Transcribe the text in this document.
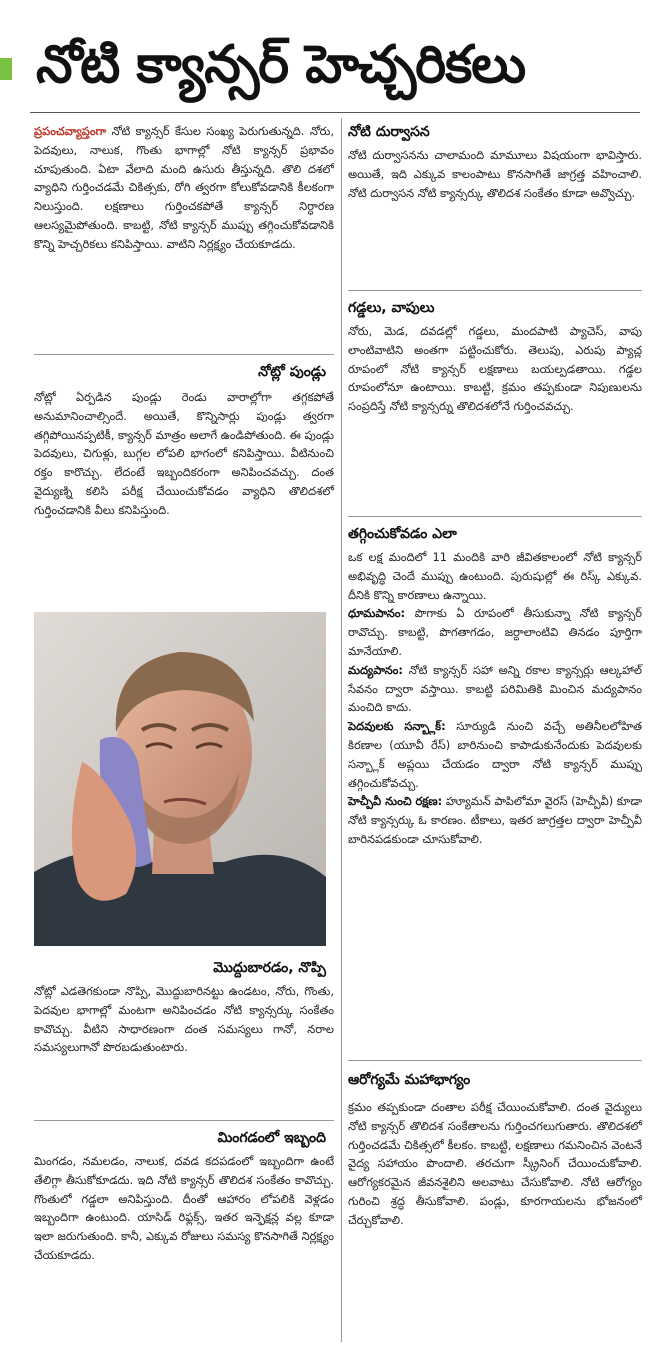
నోటి క్యాన్సర్ హెచ్చరికలు

ప్రపంచవ్యాప్తంగా నోటి క్యాన్సర్ కేసుల సంఖ్య పెరుగుతున్నది. నోరు, పెదవులు, నాలుక, గొంతు భాగాల్లో నోటి క్యాన్సర్ ప్రభావం చూపుతుంది. ఏటా వేలాది మంది ఉసురు తీస్తున్నది. తొలి దశలో వ్యాధిని గుర్తించడమే చికిత్సకు, రోగి త్వరగా కోలుకోవడానికి కీలకంగా నిలుస్తుంది. లక్షణాలు గుర్తించకపోతే క్యాన్సర్ నిర్ధారణ ఆలస్యమైపోతుంది. కాబట్టి, నోటి క్యాన్సర్ ముప్పు తగ్గించుకోవడానికి కొన్ని హెచ్చరికలు కనిపిస్తాయి. వాటిని నిర్లక్ష్యం చేయకూడదు.

నోట్లో పుండ్లు

నోట్లో ఏర్పడిన పుండ్లు రెండు వారాల్లోగా తగ్గకపోతే అనుమానించాల్సిందే. అయితే, కొన్నిసార్లు పుండ్లు త్వరగా తగ్గిపోయినప్పటికీ, క్యాన్సర్ మాత్రం అలాగే ఉండిపోతుంది. ఈ పుండ్లు పెదవులు, చిగుళ్లు, బుగ్గల లోపలి భాగంలో కనిపిస్తాయి. వీటినుంచి రక్తం కారొచ్చు. లేదంటే ఇబ్బందికరంగా అనిపించవచ్చు. దంత వైద్యుణ్ని కలిసి పరీక్ష చేయించుకోవడం వ్యాధిని తొలిదశలో గుర్తించడానికి వీలు కనిపిస్తుంది.

మొద్దుబారడం, నొప్పి

నోట్లో ఎడతెగకుండా నొప్పి, మొద్దుబారినట్టు ఉండటం, నోరు, గొంతు, పెదవుల భాగాల్లో మంటగా అనిపించడం నోటి క్యాన్సర్కు సంకేతం కావొచ్చు. వీటిని సాధారణంగా దంత సమస్యలు గానో, నరాల సమస్యలుగానో పొరబడుతుంటారు.

మింగడంలో ఇబ్బంది

మింగడం, నమలడం, నాలుక, దవడ కదపడంలో ఇబ్బందిగా ఉంటే తేలిగ్గా తీసుకోకూడదు. ఇది నోటి క్యాన్సర్ తొలిదశ సంకేతం కావొచ్చు. గొంతులో గడ్డలా అనిపిస్తుంది. దీంతో ఆహారం లోపలికి వెళ్లడం ఇబ్బందిగా ఉంటుంది. యాసిడ్ రిఫ్లక్స్, ఇతర ఇన్ఫెక్షన్ల వల్ల కూడా ఇలా జరుగుతుంది. కానీ, ఎక్కువ రోజులు సమస్య కొనసాగితే నిర్లక్ష్యం చేయకూడదు.

నోటి దుర్వాసన

నోటి దుర్వాసనను చాలామంది మామూలు విషయంగా భావిస్తారు. అయితే, ఇది ఎక్కువ కాలంపాటు కొనసాగితే జాగ్రత్త వహించాలి. నోటి దుర్వాసన నోటి క్యాన్సర్కు తొలిదశ సంకేతం కూడా అవ్వొచ్చు.

గడ్డలు, వాపులు

నోరు, మెడ, దవడల్లో గడ్డలు, మందపాటి ప్యాచెస్, వాపు లాంటివాటిని అంతగా పట్టించుకోరు. తెలుపు, ఎరుపు ప్యాచ్ల రూపంలో నోటి క్యాన్సర్ లక్షణాలు బయల్పడతాయి. గడ్డల రూపంలోనూ ఉంటాయి. కాబట్టి, క్రమం తప్పకుండా నిపుణులను సంప్రదిస్తే నోటి క్యాన్సర్ను తొలిదశలోనే గుర్తించవచ్చు.

తగ్గించుకోవడం ఎలా

ఒక లక్ష మందిలో 11 మందికి వారి జీవితకాలంలో నోటి క్యాన్సర్ అభివృద్ధి చెందే ముప్పు ఉంటుంది. పురుషుల్లో ఈ రిస్క్ ఎక్కువ. దీనికి కొన్ని కారణాలు ఉన్నాయి.

ధూమపానం: పొగాకు ఏ రూపంలో తీసుకున్నా నోటి క్యాన్సర్ రావొచ్చు. కాబట్టి, పొగతాగడం, జర్దాలాంటివి తినడం పూర్తిగా మానేయాలి.

మద్యపానం: నోటి క్యాన్సర్ సహా అన్ని రకాల క్యాన్సర్లు ఆల్కహాల్ సేవనం ద్వారా వస్తాయి. కాబట్టి పరిమితికి మించిన మద్యపానం మంచిది కాదు.

పెదవులకు సన్బ్లాక్: సూర్యుడి నుంచి వచ్చే అతినీలలోహిత కిరణాల (యూవీ రేస్) బారినుంచి కాపాడుకునేందుకు పెదవులకు సన్బ్లాక్ అప్లయి చేయడం ద్వారా నోటి క్యాన్సర్ ముప్పు తగ్గించుకోవచ్చు.

హెచ్పీవీ నుంచి రక్షణ: హ్యూమన్ పాపిలోమా వైరస్ (హెచ్పీవీ) కూడా నోటి క్యాన్సర్కు ఓ కారణం. టీకాలు, ఇతర జాగ్రత్తల ద్వారా హెచ్పీవీ బారినపడకుండా చూసుకోవాలి.

ఆరోగ్యమే మహాభాగ్యం

క్రమం తప్పకుండా దంతాల పరీక్ష చేయించుకోవాలి. దంత వైద్యులు నోటి క్యాన్సర్ తొలిదశ సంకేతాలను గుర్తించగలుగుతారు. తొలిదశలో గుర్తించడమే చికిత్సలో కీలకం. కాబట్టి, లక్షణాలు గమనించిన వెంటనే వైద్య సహాయం పొందాలి. తరచుగా స్క్రీనింగ్ చేయించుకోవాలి. ఆరోగ్యకరమైన జీవనశైలిని అలవాటు చేసుకోవాలి. నోటి ఆరోగ్యం గురించి శ్రద్ధ తీసుకోవాలి. పండ్లు, కూరగాయలను భోజనంలో చేర్చుకోవాలి.
